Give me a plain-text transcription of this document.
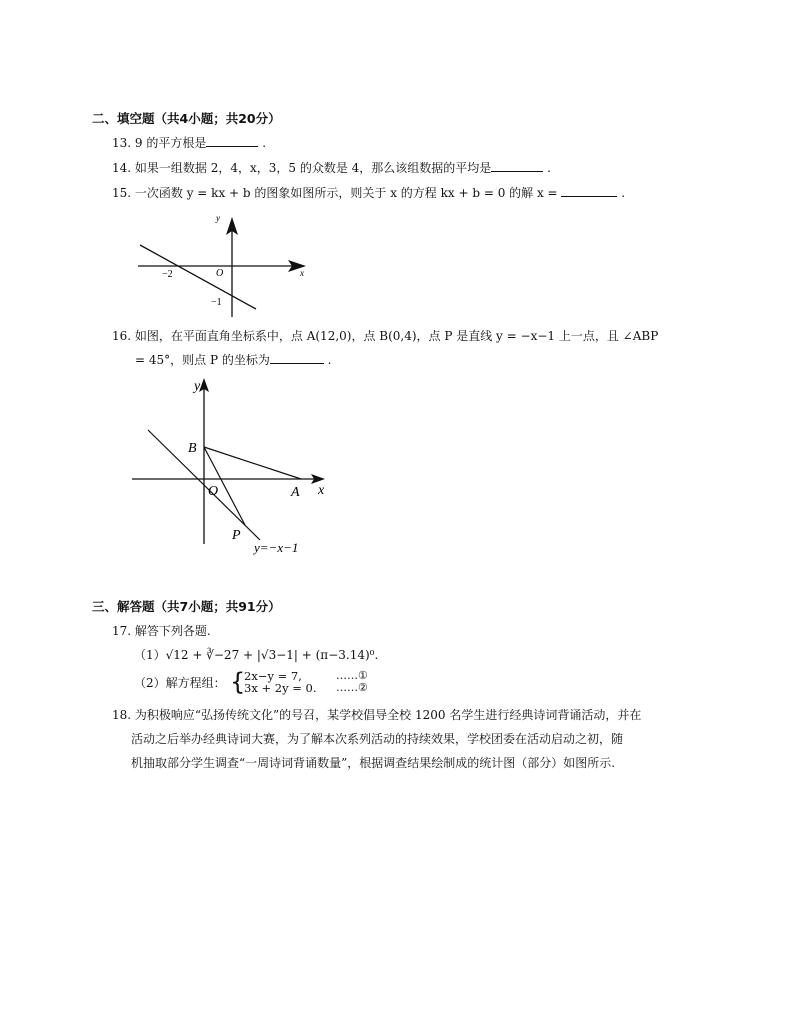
二、填空题（共4小题；共20分）
13. 9 的平方根是	.
14. 如果一组数据 2，4，x，3，5 的众数是 4，那么该组数据的平均是	.
15. 一次函数 y = kx + b 的图象如图所示，则关于 x 的方程 kx + b = 0 的解 x =	.
x
y
O
−2
−1
16. 如图，在平面直角坐标系中，点 A(12,0)，点 B(0,4)，点 P 是直线 y = −x−1 上一点，且 ∠ABP
= 45°，则点 P 的坐标为	.
x
y
O	A
B
P
y=−x−1
三、解答题（共7小题；共91分）
17. 解答下列各题.
（1）√12 + ∛−27 + |√3−1| + (π−3.14)⁰.
（2）解方程组： {
2x−y = 7,
3x + 2y = 0.
……①
……②
18. 为积极响应“弘扬传统文化”的号召，某学校倡导全校 1200 名学生进行经典诗词背诵活动，并在
活动之后举办经典诗词大赛，为了解本次系列活动的持续效果，学校团委在活动启动之初，随
机抽取部分学生调查“一周诗词背诵数量”，根据调查结果绘制成的统计图（部分）如图所示.
